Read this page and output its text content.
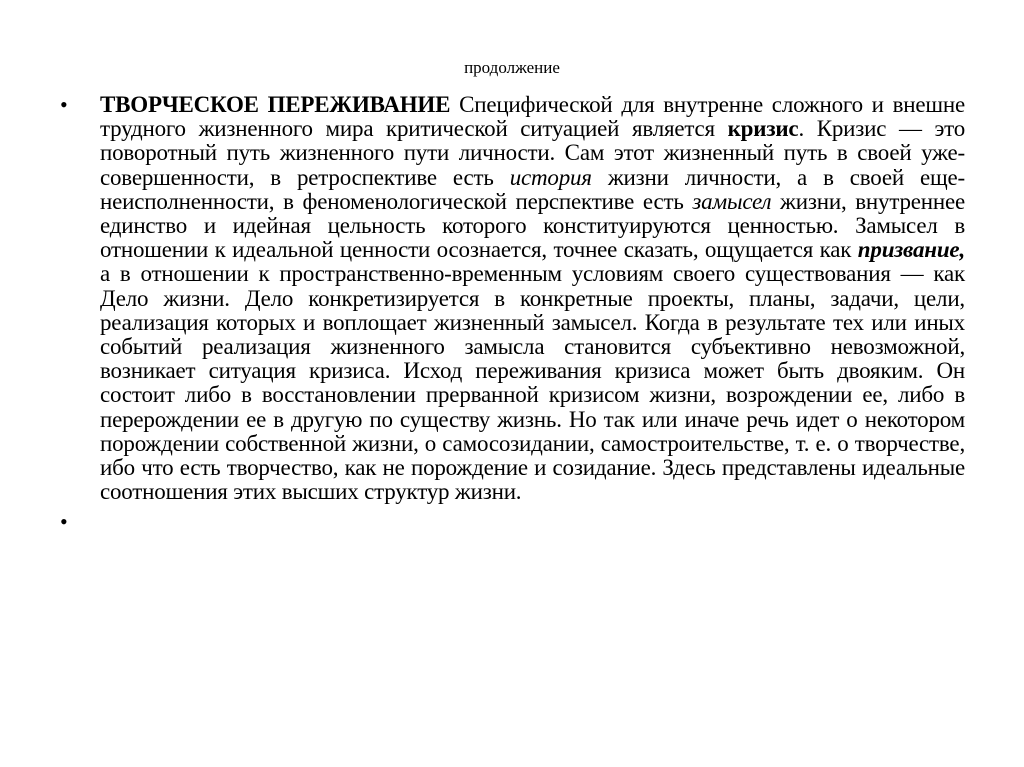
продолжение
• ТВОРЧЕСКОЕ ПЕРЕЖИВАНИЕ Специфической для внутренне сложного и внешне трудного жизненного мира критической ситуацией является кризис. Кризис — это поворотный путь жизненного пути личности. Сам этот жизненный путь в своей уже-совершенности, в ретроспективе есть история жизни личности, а в своей еще-неисполненности, в феноменологической перспективе есть замысел жизни, внутреннее единство и идейная цельность которого конституируются ценностью. Замысел в отношении к идеальной ценности осознается, точнее сказать, ощущается как призвание, а в отношении к пространственно-временным условиям своего существования — как Дело жизни. Дело конкретизируется в конкретные проекты, планы, задачи, цели, реализация которых и воплощает жизненный замысел. Когда в результате тех или иных событий реализация жизненного замысла становится субъективно невозможной, возникает ситуация кризиса. Исход переживания кризиса может быть двояким. Он состоит либо в восстановлении прерванной кризисом жизни, возрождении ее, либо в перерождении ее в другую по существу жизнь. Но так или иначе речь идет о некотором порождении собственной жизни, о самосозидании, самостроительстве, т. е. о творчестве, ибо что есть творчество, как не порождение и созидание. Здесь представлены идеальные соотношения этих высших структур жизни.
•
